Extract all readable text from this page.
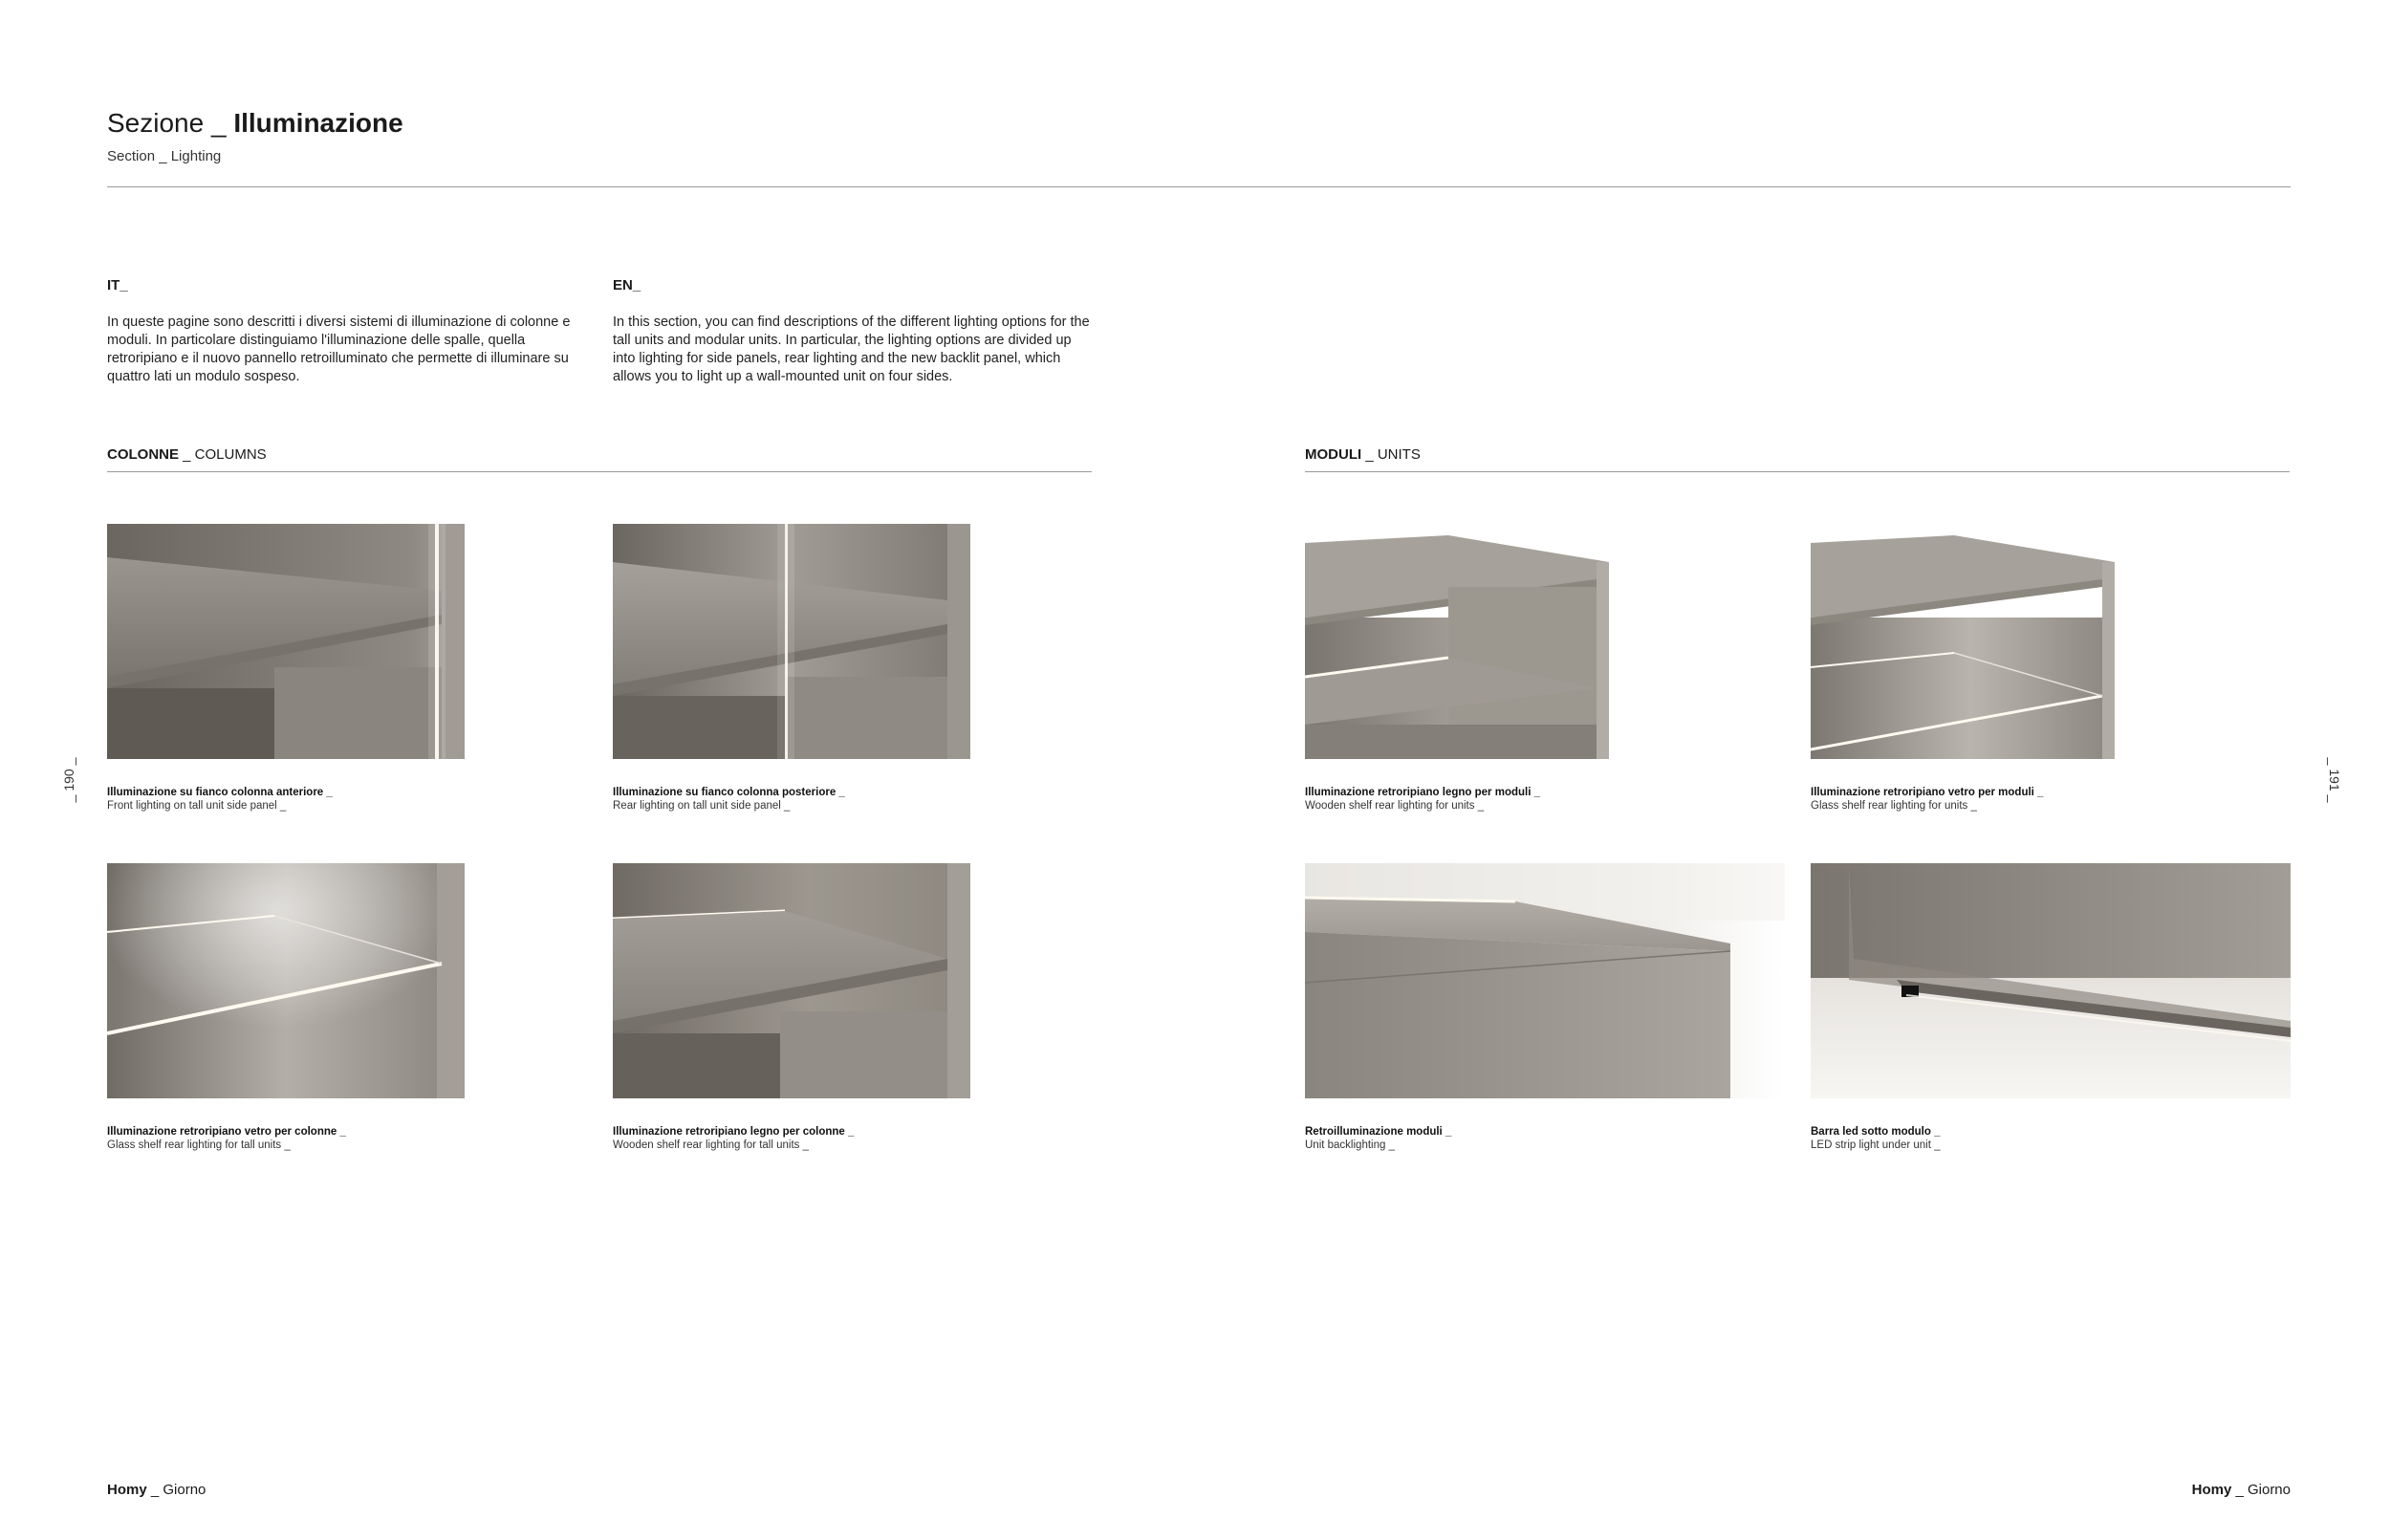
Sezione _ Illuminazione
Section _ Lighting
IT_

In queste pagine sono descritti i diversi sistemi di illuminazione di colonne e moduli. In particolare distinguiamo l'illuminazione delle spalle, quella retroripiano e il nuovo pannello retroilluminato che permette di illuminare su quattro lati un modulo sospeso.

EN_

In this section, you can find descriptions of the different lighting options for the tall units and modular units. In particular, the lighting options are divided up into lighting for side panels, rear lighting and the new backlit panel, which allows you to light up a wall-mounted unit on four sides.

COLONNE _ COLUMNS	MODULI _ UNITS
Illuminazione su fianco colonna anteriore _
Front lighting on tall unit side panel _
Illuminazione su fianco colonna posteriore _
Rear lighting on tall unit side panel _
Illuminazione retroripiano vetro per colonne _
Glass shelf rear lighting for tall units _
Illuminazione retroripiano legno per colonne _
Wooden shelf rear lighting for tall units _
Illuminazione retroripiano legno per moduli _
Wooden shelf rear lighting for units _
Illuminazione retroripiano vetro per moduli _
Glass shelf rear lighting for units _
Retroilluminazione moduli _
Unit backlighting _
Barra led sotto modulo _
LED strip light under unit _
_ 190 _	_ 191 _
Homy _ Giorno	Homy _ Giorno
